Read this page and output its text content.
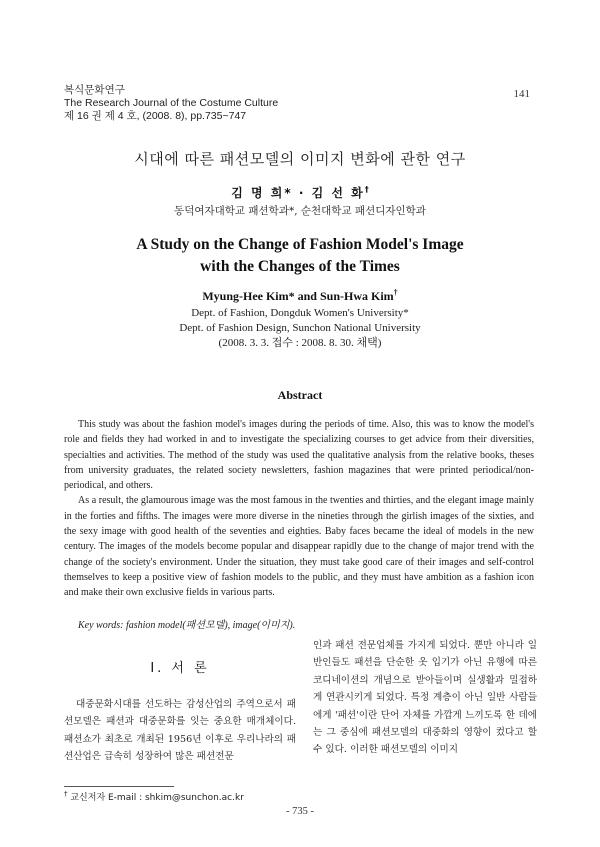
복식문화연구
The Research Journal of the Costume Culture
제 16 권 제 4 호, (2008. 8), pp.735~747
141
시대에 따른 패션모델의 이미지 변화에 관한 연구
김 명 희* · 김 선 화†
동덕여자대학교 패션학과*, 순천대학교 패션디자인학과
A Study on the Change of Fashion Model's Image
with the Changes of the Times
Myung-Hee Kim* and Sun-Hwa Kim†
Dept. of Fashion, Dongduk Women's University*
Dept. of Fashion Design, Sunchon National University
(2008. 3. 3. 접수 : 2008. 8. 30. 채택)
Abstract

This study was about the fashion model's images during the periods of time. Also, this was to know the model's role and fields they had worked in and to investigate the specializing courses to get advice from their diversities, specialties and activities. The method of the study was used the qualitative analysis from the relative books, theses from university graduates, the related society newsletters, fashion magazines that were printed periodical/non-periodical, and others.

As a result, the glamourous image was the most famous in the twenties and thirties, and the elegant image mainly in the forties and fifths. The images were more diverse in the nineties through the girlish images of the sixties, and the sexy image with good health of the seventies and eighties. Baby faces became the ideal of models in the new century. The images of the models become popular and disappear rapidly due to the change of major trend with the change of the society's environment. Under the situation, they must take good care of their images and self-control themselves to keep a positive view of fashion models to the public, and they must have ambition as a fashion icon and make their own exclusive fields in various parts.

Key words: fashion model(패션모델), image(이미지).
Ⅰ. 서 론

대중문화시대를 선도하는 감성산업의 주역으로서 패션모델은 패션과 대중문화를 잇는 중요한 매개체이다. 패션쇼가 최초로 개최된 1956년 이후로 우리나라의 패션산업은 급속히 성장하여 많은 패션전문

인과 패션 전문업체를 가지게 되었다. 뿐만 아니라 일반인들도 패션을 단순한 옷 입기가 아닌 유행에 따른 코디네이션의 개념으로 받아들이며 실생활과 밀접하게 연관시키게 되었다. 특정 계층이 아닌 일반 사람들에게 '패션'이란 단어 자체를 가깝게 느끼도록 한 데에는 그 중심에 패션모델의 대중화의 영향이 컸다고 할 수 있다. 이러한 패션모델의 이미지

† 교신저자 E-mail : shkim@sunchon.ac.kr
- 735 -
